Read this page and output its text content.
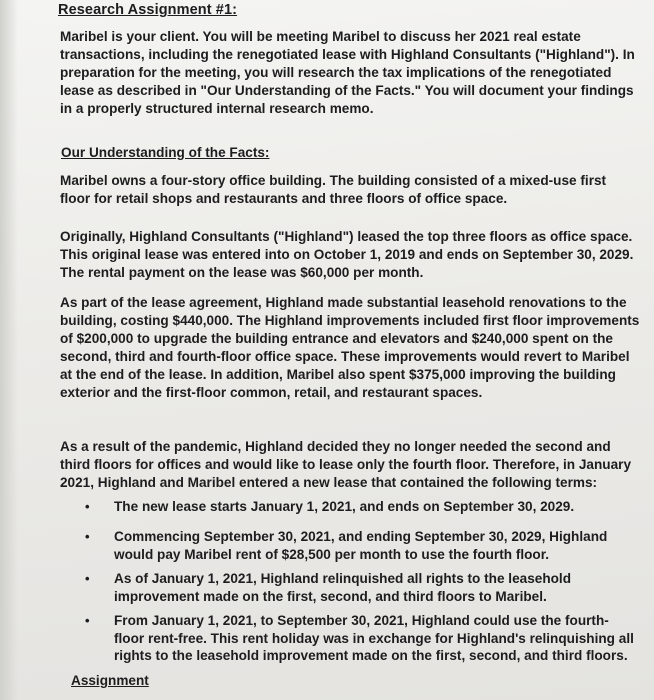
Research Assignment #1:

Maribel is your client. You will be meeting Maribel to discuss her 2021 real estate transactions, including the renegotiated lease with Highland Consultants ("Highland"). In preparation for the meeting, you will research the tax implications of the renegotiated lease as described in "Our Understanding of the Facts." You will document your findings in a properly structured internal research memo.

Our Understanding of the Facts:

Maribel owns a four-story office building. The building consisted of a mixed-use first floor for retail shops and restaurants and three floors of office space.

Originally, Highland Consultants ("Highland") leased the top three floors as office space. This original lease was entered into on October 1, 2019 and ends on September 30, 2029. The rental payment on the lease was $60,000 per month.

As part of the lease agreement, Highland made substantial leasehold renovations to the building, costing $440,000. The Highland improvements included first floor improvements of $200,000 to upgrade the building entrance and elevators and $240,000 spent on the second, third and fourth-floor office space. These improvements would revert to Maribel at the end of the lease. In addition, Maribel also spent $375,000 improving the building exterior and the first-floor common, retail, and restaurant spaces.

As a result of the pandemic, Highland decided they no longer needed the second and third floors for offices and would like to lease only the fourth floor. Therefore, in January 2021, Highland and Maribel entered a new lease that contained the following terms:

•	The new lease starts January 1, 2021, and ends on September 30, 2029.
•	Commencing September 30, 2021, and ending September 30, 2029, Highland would pay Maribel rent of $28,500 per month to use the fourth floor.
•	As of January 1, 2021, Highland relinquished all rights to the leasehold improvement made on the first, second, and third floors to Maribel.
•	From January 1, 2021, to September 30, 2021, Highland could use the fourth-floor rent-free. This rent holiday was in exchange for Highland's relinquishing all rights to the leasehold improvement made on the first, second, and third floors.
Assignment
